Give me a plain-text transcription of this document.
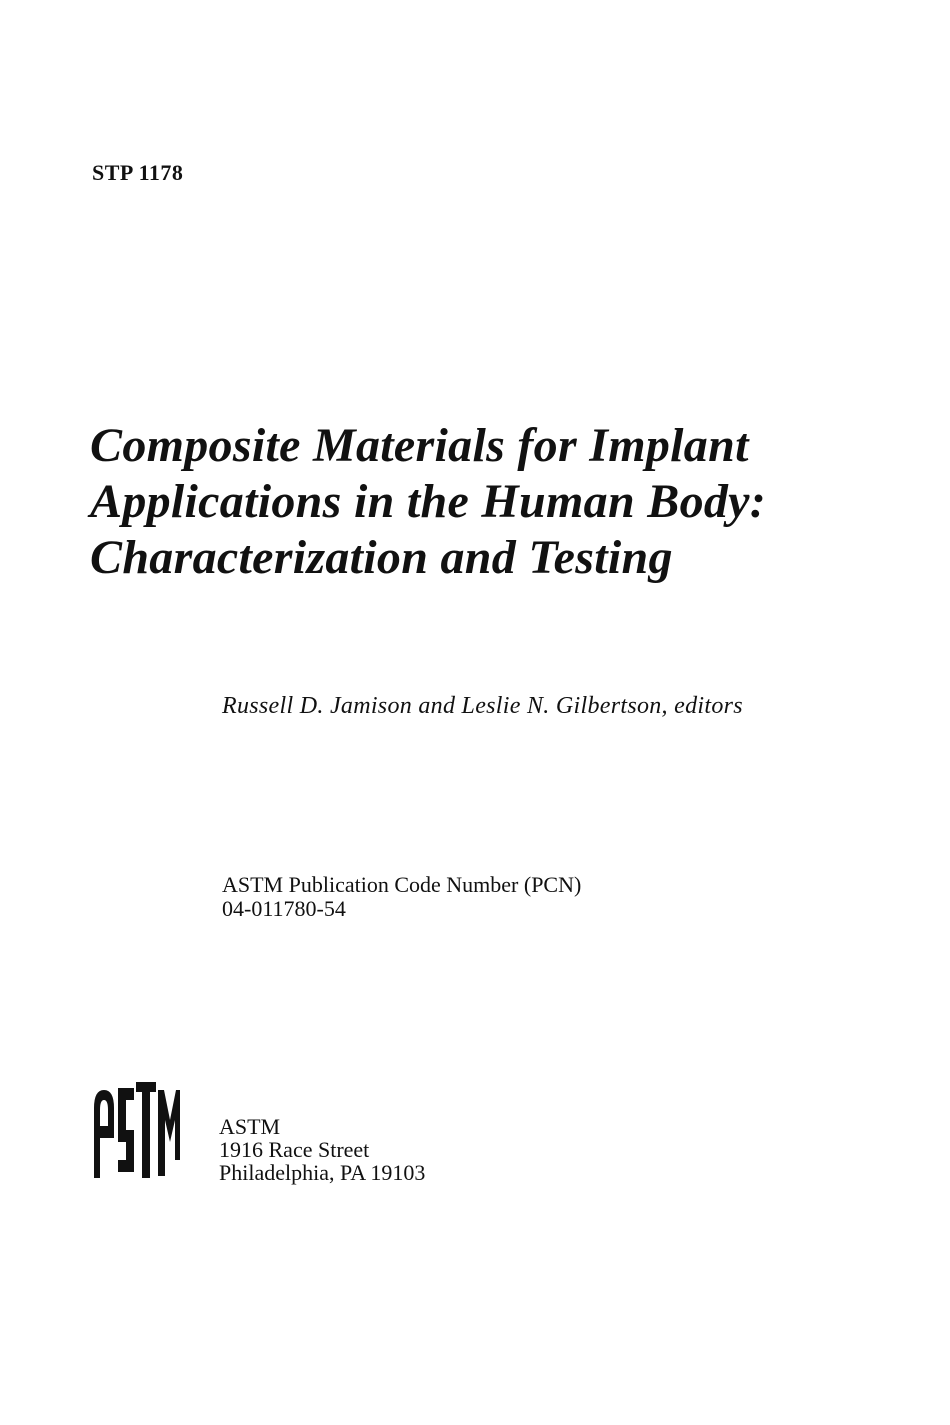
STP 1178
Composite Materials for Implant
Applications in the Human Body:
Characterization and Testing
Russell D. Jamison and Leslie N. Gilbertson, editors
ASTM Publication Code Number (PCN)
04-011780-54
ASTM
1916 Race Street
Philadelphia, PA 19103
